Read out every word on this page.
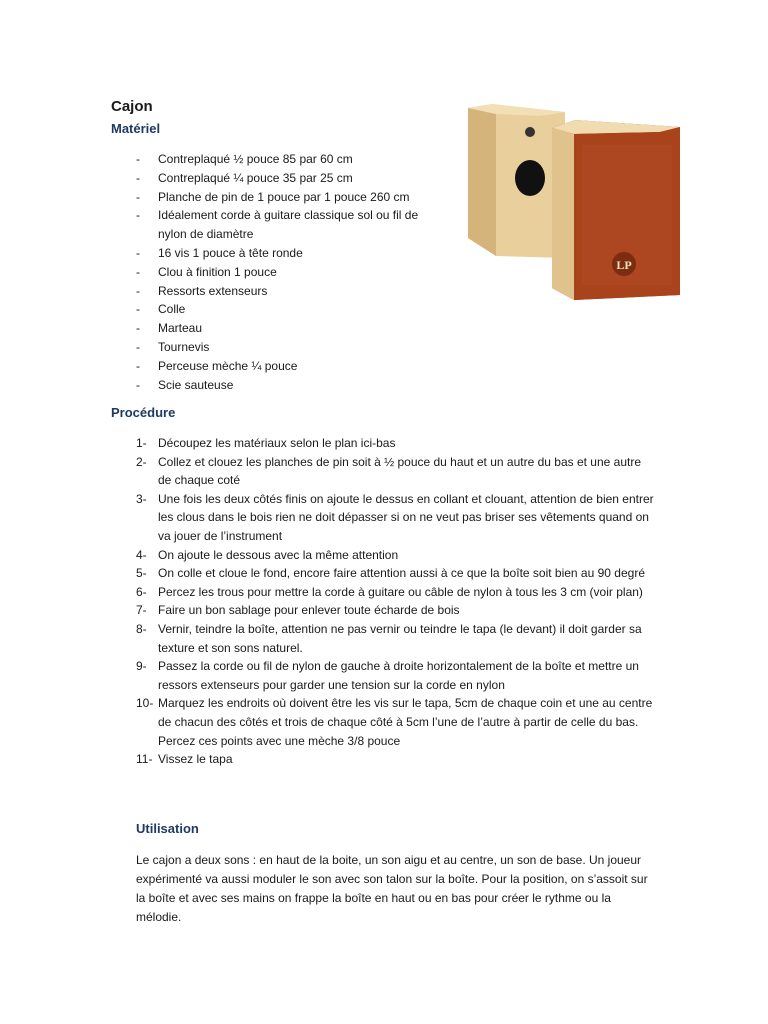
Cajon
Matériel
- Contreplaqué ½ pouce 85 par 60 cm
- Contreplaqué ¼ pouce 35 par 25 cm
- Planche de pin de 1 pouce par 1 pouce 260 cm
- Idéalement corde à guitare classique sol ou fil de nylon de diamètre
- 16 vis 1 pouce à tête ronde
- Clou à finition 1 pouce
- Ressorts extenseurs
- Colle
- Marteau
- Tournevis
- Perceuse mèche ¼ pouce
- Scie sauteuse
LP
Procédure
1- Découpez les matériaux selon le plan ici-bas
2- Collez et clouez les planches de pin soit à ½ pouce du haut et un autre du bas et une autre de chaque coté
3- Une fois les deux côtés finis on ajoute le dessus en collant et clouant, attention de bien entrer les clous dans le bois rien ne doit dépasser si on ne veut pas briser ses vêtements quand on va jouer de l’instrument
4- On ajoute le dessous avec la même attention
5- On colle et cloue le fond, encore faire attention aussi à ce que la boîte soit bien au 90 degré
6- Percez les trous pour mettre la corde à guitare ou câble de nylon à tous les 3 cm (voir plan)
7- Faire un bon sablage pour enlever toute écharde de bois
8- Vernir, teindre la boîte, attention ne pas vernir ou teindre le tapa (le devant) il doit garder sa texture et son sons naturel.
9- Passez la corde ou fil de nylon de gauche à droite horizontalement de la boîte et mettre un ressors extenseurs pour garder une tension sur la corde en nylon
10- Marquez les endroits où doivent être les vis sur le tapa, 5cm de chaque coin et une au centre de chacun des côtés et trois de chaque côté à 5cm l’une de l’autre à partir de celle du bas. Percez ces points avec une mèche 3/8 pouce
11- Vissez le tapa
Utilisation

Le cajon a deux sons : en haut de la boite, un son aigu et au centre, un son de base. Un joueur expérimenté va aussi moduler le son avec son talon sur la boîte. Pour la position, on s’assoit sur la boîte et avec ses mains on frappe la boîte en haut ou en bas pour créer le rythme ou la mélodie.
